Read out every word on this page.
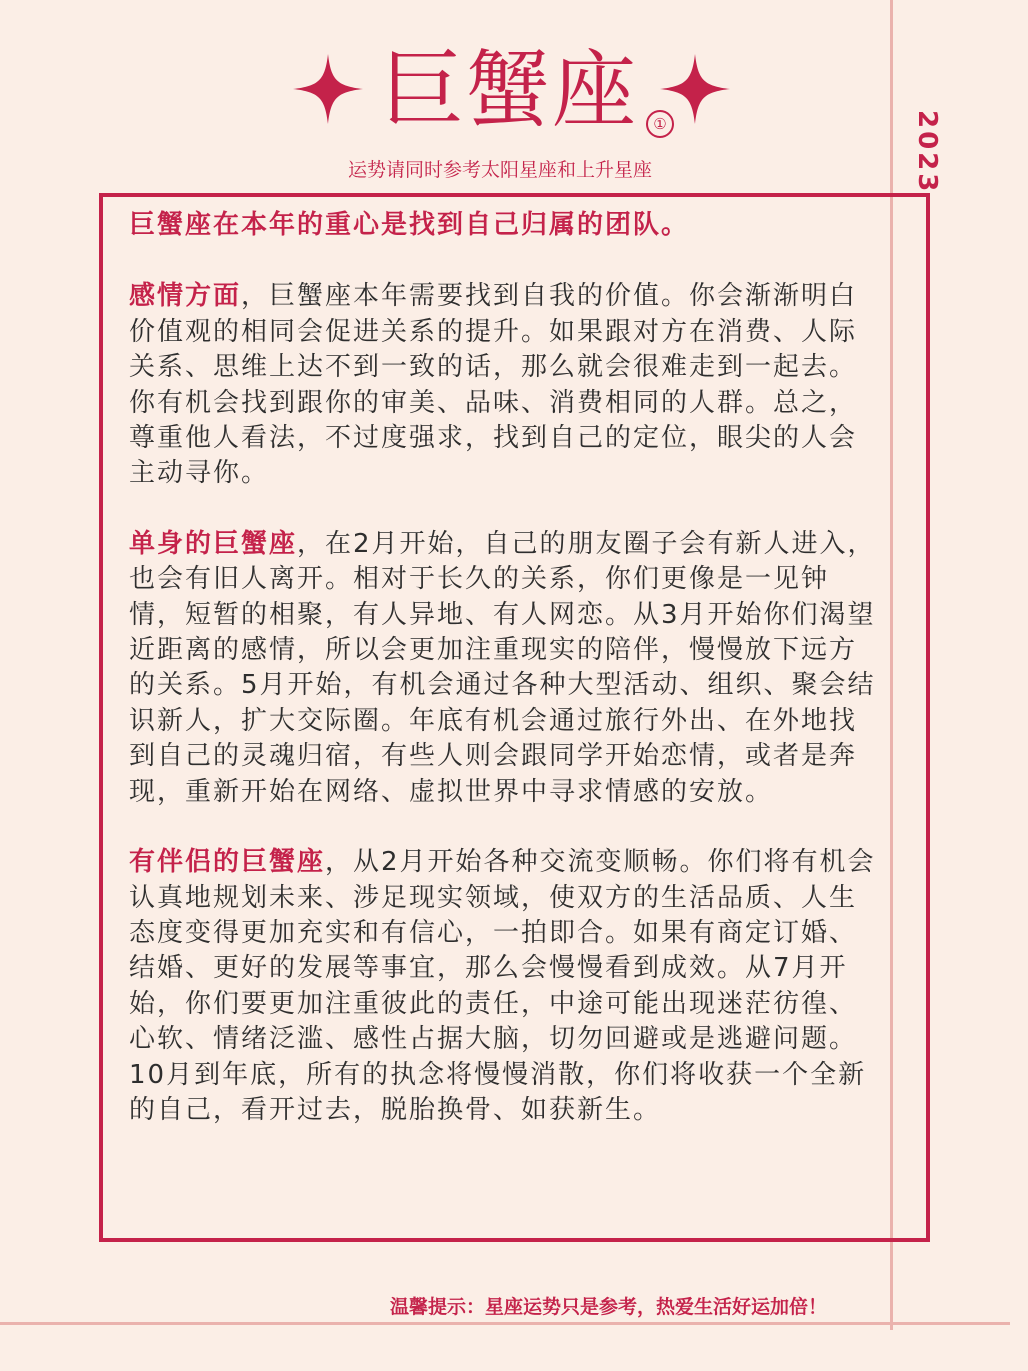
2023
巨蟹座	①
运势请同时参考太阳星座和上升星座

巨蟹座在本年的重心是找到自己归属的团队。

感情方面，巨蟹座本年需要找到自我的价值。你会渐渐明白价值观的相同会促进关系的提升。如果跟对方在消费、人际关系、思维上达不到一致的话，那么就会很难走到一起去。你有机会找到跟你的审美、品味、消费相同的人群。总之，尊重他人看法，不过度强求，找到自己的定位，眼尖的人会主动寻你。

单身的巨蟹座，在2月开始，自己的朋友圈子会有新人进入，也会有旧人离开。相对于长久的关系，你们更像是一见钟情，短暂的相聚，有人异地、有人网恋。从3月开始你们渴望近距离的感情，所以会更加注重现实的陪伴，慢慢放下远方的关系。5月开始，有机会通过各种大型活动、组织、聚会结识新人，扩大交际圈。年底有机会通过旅行外出、在外地找到自己的灵魂归宿，有些人则会跟同学开始恋情，或者是奔现，重新开始在网络、虚拟世界中寻求情感的安放。

有伴侣的巨蟹座，从2月开始各种交流变顺畅。你们将有机会认真地规划未来、涉足现实领域，使双方的生活品质、人生态度变得更加充实和有信心，一拍即合。如果有商定订婚、结婚、更好的发展等事宜，那么会慢慢看到成效。从7月开始，你们要更加注重彼此的责任，中途可能出现迷茫彷徨、心软、情绪泛滥、感性占据大脑，切勿回避或是逃避问题。10月到年底，所有的执念将慢慢消散，你们将收获一个全新的自己，看开过去，脱胎换骨、如获新生。

温馨提示：星座运势只是参考，热爱生活好运加倍！
